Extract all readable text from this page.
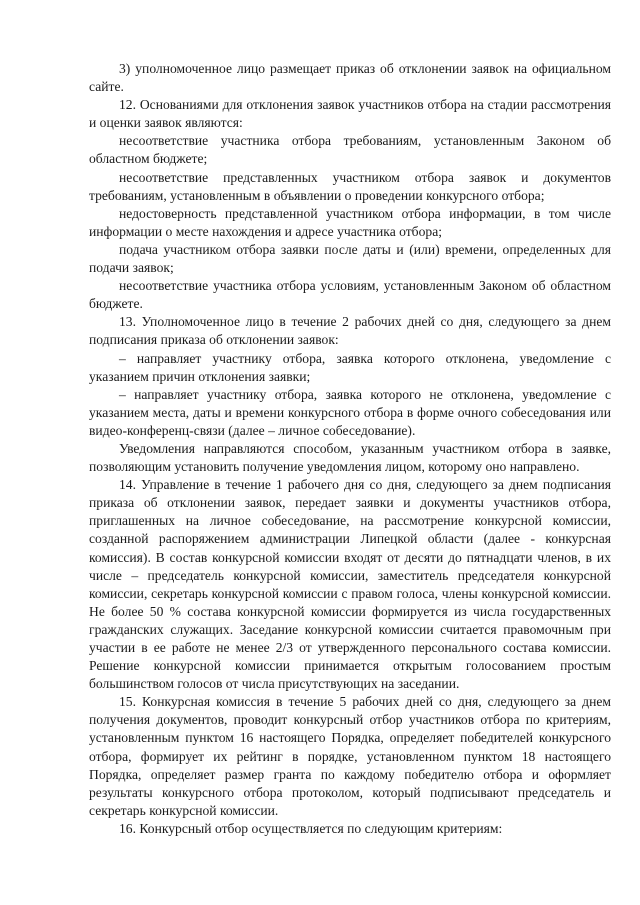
3) уполномоченное лицо размещает приказ об отклонении заявок на официальном сайте.

12. Основаниями для отклонения заявок участников отбора на стадии рассмотрения и оценки заявок являются:

несоответствие участника отбора требованиям, установленным Законом об областном бюджете;

несоответствие представленных участником отбора заявок и документов требованиям, установленным в объявлении о проведении конкурсного отбора;

недостоверность представленной участником отбора информации, в том числе информации о месте нахождения и адресе участника отбора;

подача участником отбора заявки после даты и (или) времени, определенных для подачи заявок;

несоответствие участника отбора условиям, установленным Законом об областном бюджете.

13. Уполномоченное лицо в течение 2 рабочих дней со дня, следующего за днем подписания приказа об отклонении заявок:

– направляет участнику отбора, заявка которого отклонена, уведомление с указанием причин отклонения заявки;

– направляет участнику отбора, заявка которого не отклонена, уведомление с указанием места, даты и времени конкурсного отбора в форме очного собеседования или видео-конференц-связи (далее – личное собеседование).

Уведомления направляются способом, указанным участником отбора в заявке, позволяющим установить получение уведомления лицом, которому оно направлено.

14. Управление в течение 1 рабочего дня со дня, следующего за днем подписания приказа об отклонении заявок, передает заявки и документы участников отбора, приглашенных на личное собеседование, на рассмотрение конкурсной комиссии, созданной распоряжением администрации Липецкой области (далее - конкурсная комиссия). В состав конкурсной комиссии входят от десяти до пятнадцати членов, в их числе – председатель конкурсной комиссии, заместитель председателя конкурсной комиссии, секретарь конкурсной комиссии с правом голоса, члены конкурсной комиссии. Не более 50 % состава конкурсной комиссии формируется из числа государственных гражданских служащих. Заседание конкурсной комиссии считается правомочным при участии в ее работе не менее 2/3 от утвержденного персонального состава комиссии. Решение конкурсной комиссии принимается открытым голосованием простым большинством голосов от числа присутствующих на заседании.

15. Конкурсная комиссия в течение 5 рабочих дней со дня, следующего за днем получения документов, проводит конкурсный отбор участников отбора по критериям, установленным пунктом 16 настоящего Порядка, определяет победителей конкурсного отбора, формирует их рейтинг в порядке, установленном пунктом 18 настоящего Порядка, определяет размер гранта по каждому победителю отбора и оформляет результаты конкурсного отбора протоколом, который подписывают председатель и секретарь конкурсной комиссии.

16. Конкурсный отбор осуществляется по следующим критериям:
